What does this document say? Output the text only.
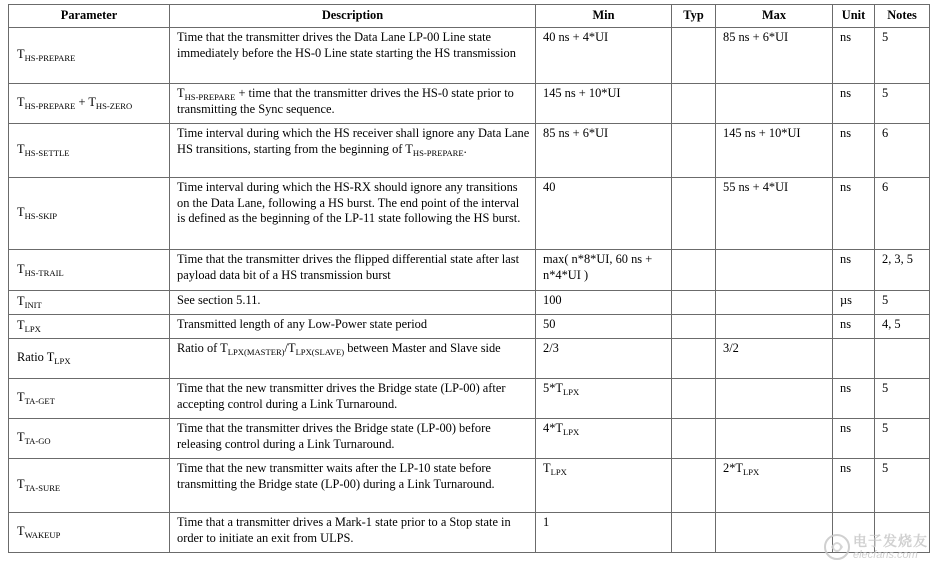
Parameter	Description	Min	Typ	Max	Unit	Notes
$T_{HS-PREPARE}$	Time that the transmitter drives the Data Lane LP-00 Line state immediately before the HS-0 Line state starting the HS transmission	40 ns + 4*UI		85 ns + 6*UI	ns	5
$T_{HS-PREPARE} + T_{HS-ZERO}$	$T_{HS-PREPARE}$ + time that the transmitter drives the HS-0 state prior to transmitting the Sync sequence.	145 ns + 10*UI			ns	5
$T_{HS-SETTLE}$	Time interval during which the HS receiver shall ignore any Data Lane HS transitions, starting from the beginning of $T_{HS-PREPARE}$.	85 ns + 6*UI		145 ns + 10*UI	ns	6
$T_{HS-SKIP}$	Time interval during which the HS-RX should ignore any transitions on the Data Lane, following a HS burst. The end point of the interval is defined as the beginning of the LP-11 state following the HS burst.	40		55 ns + 4*UI	ns	6
$T_{HS-TRAIL}$	Time that the transmitter drives the flipped differential state after last payload data bit of a HS transmission burst	max( n*8*UI, 60 ns + n*4*UI )			ns	2, 3, 5
$T_{INIT}$	See section 5.11.	100			µs	5
$T_{LPX}$	Transmitted length of any Low-Power state period	50			ns	4, 5
Ratio $T_{LPX}$	Ratio of $T_{LPX(MASTER)}/T_{LPX(SLAVE)}$ between Master and Slave side	2/3		3/2		
$T_{TA-GET}$	Time that the new transmitter drives the Bridge state (LP-00) after accepting control during a Link Turnaround.	$5*T_{LPX}$			ns	5
$T_{TA-GO}$	Time that the transmitter drives the Bridge state (LP-00) before releasing control during a Link Turnaround.	$4*T_{LPX}$			ns	5
$T_{TA-SURE}$	Time that the new transmitter waits after the LP-10 state before transmitting the Bridge state (LP-00) during a Link Turnaround.	$T_{LPX}$		$2*T_{LPX}$	ns	5
$T_{WAKEUP}$	Time that a transmitter drives a Mark-1 state prior to a Stop state in order to initiate an exit from ULPS.	1				
电子发烧友
elecfans.com
